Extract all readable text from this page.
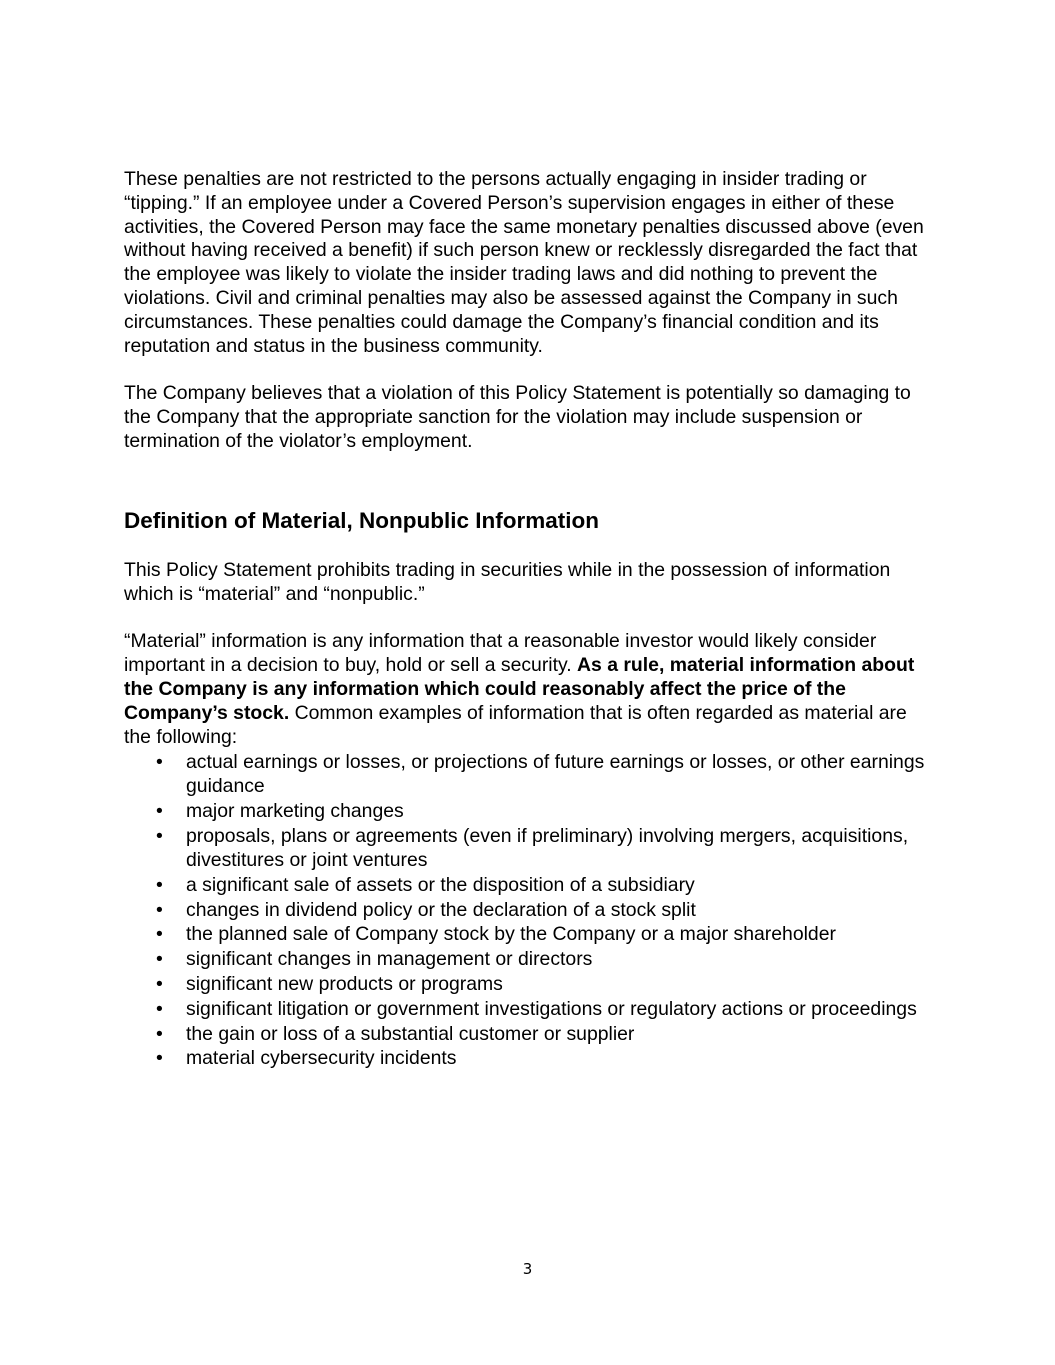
These penalties are not restricted to the persons actually engaging in insider trading or “tipping.” If an employee under a Covered Person’s supervision engages in either of these activities, the Covered Person may face the same monetary penalties discussed above (even without having received a benefit) if such person knew or recklessly disregarded the fact that the employee was likely to violate the insider trading laws and did nothing to prevent the violations. Civil and criminal penalties may also be assessed against the Company in such circumstances. These penalties could damage the Company’s financial condition and its reputation and status in the business community.

The Company believes that a violation of this Policy Statement is potentially so damaging to the Company that the appropriate sanction for the violation may include suspension or termination of the violator’s employment.

Definition of Material, Nonpublic Information

This Policy Statement prohibits trading in securities while in the possession of information which is “material” and “nonpublic.”

“Material” information is any information that a reasonable investor would likely consider important in a decision to buy, hold or sell a security. As a rule, material information about the Company is any information which could reasonably affect the price of the Company’s stock. Common examples of information that is often regarded as material are the following:

• actual earnings or losses, or projections of future earnings or losses, or other earnings guidance
• major marketing changes
• proposals, plans or agreements (even if preliminary) involving mergers, acquisitions, divestitures or joint ventures
• a significant sale of assets or the disposition of a subsidiary
• changes in dividend policy or the declaration of a stock split
• the planned sale of Company stock by the Company or a major shareholder
• significant changes in management or directors
• significant new products or programs
• significant litigation or government investigations or regulatory actions or proceedings
• the gain or loss of a substantial customer or supplier
• material cybersecurity incidents
3
